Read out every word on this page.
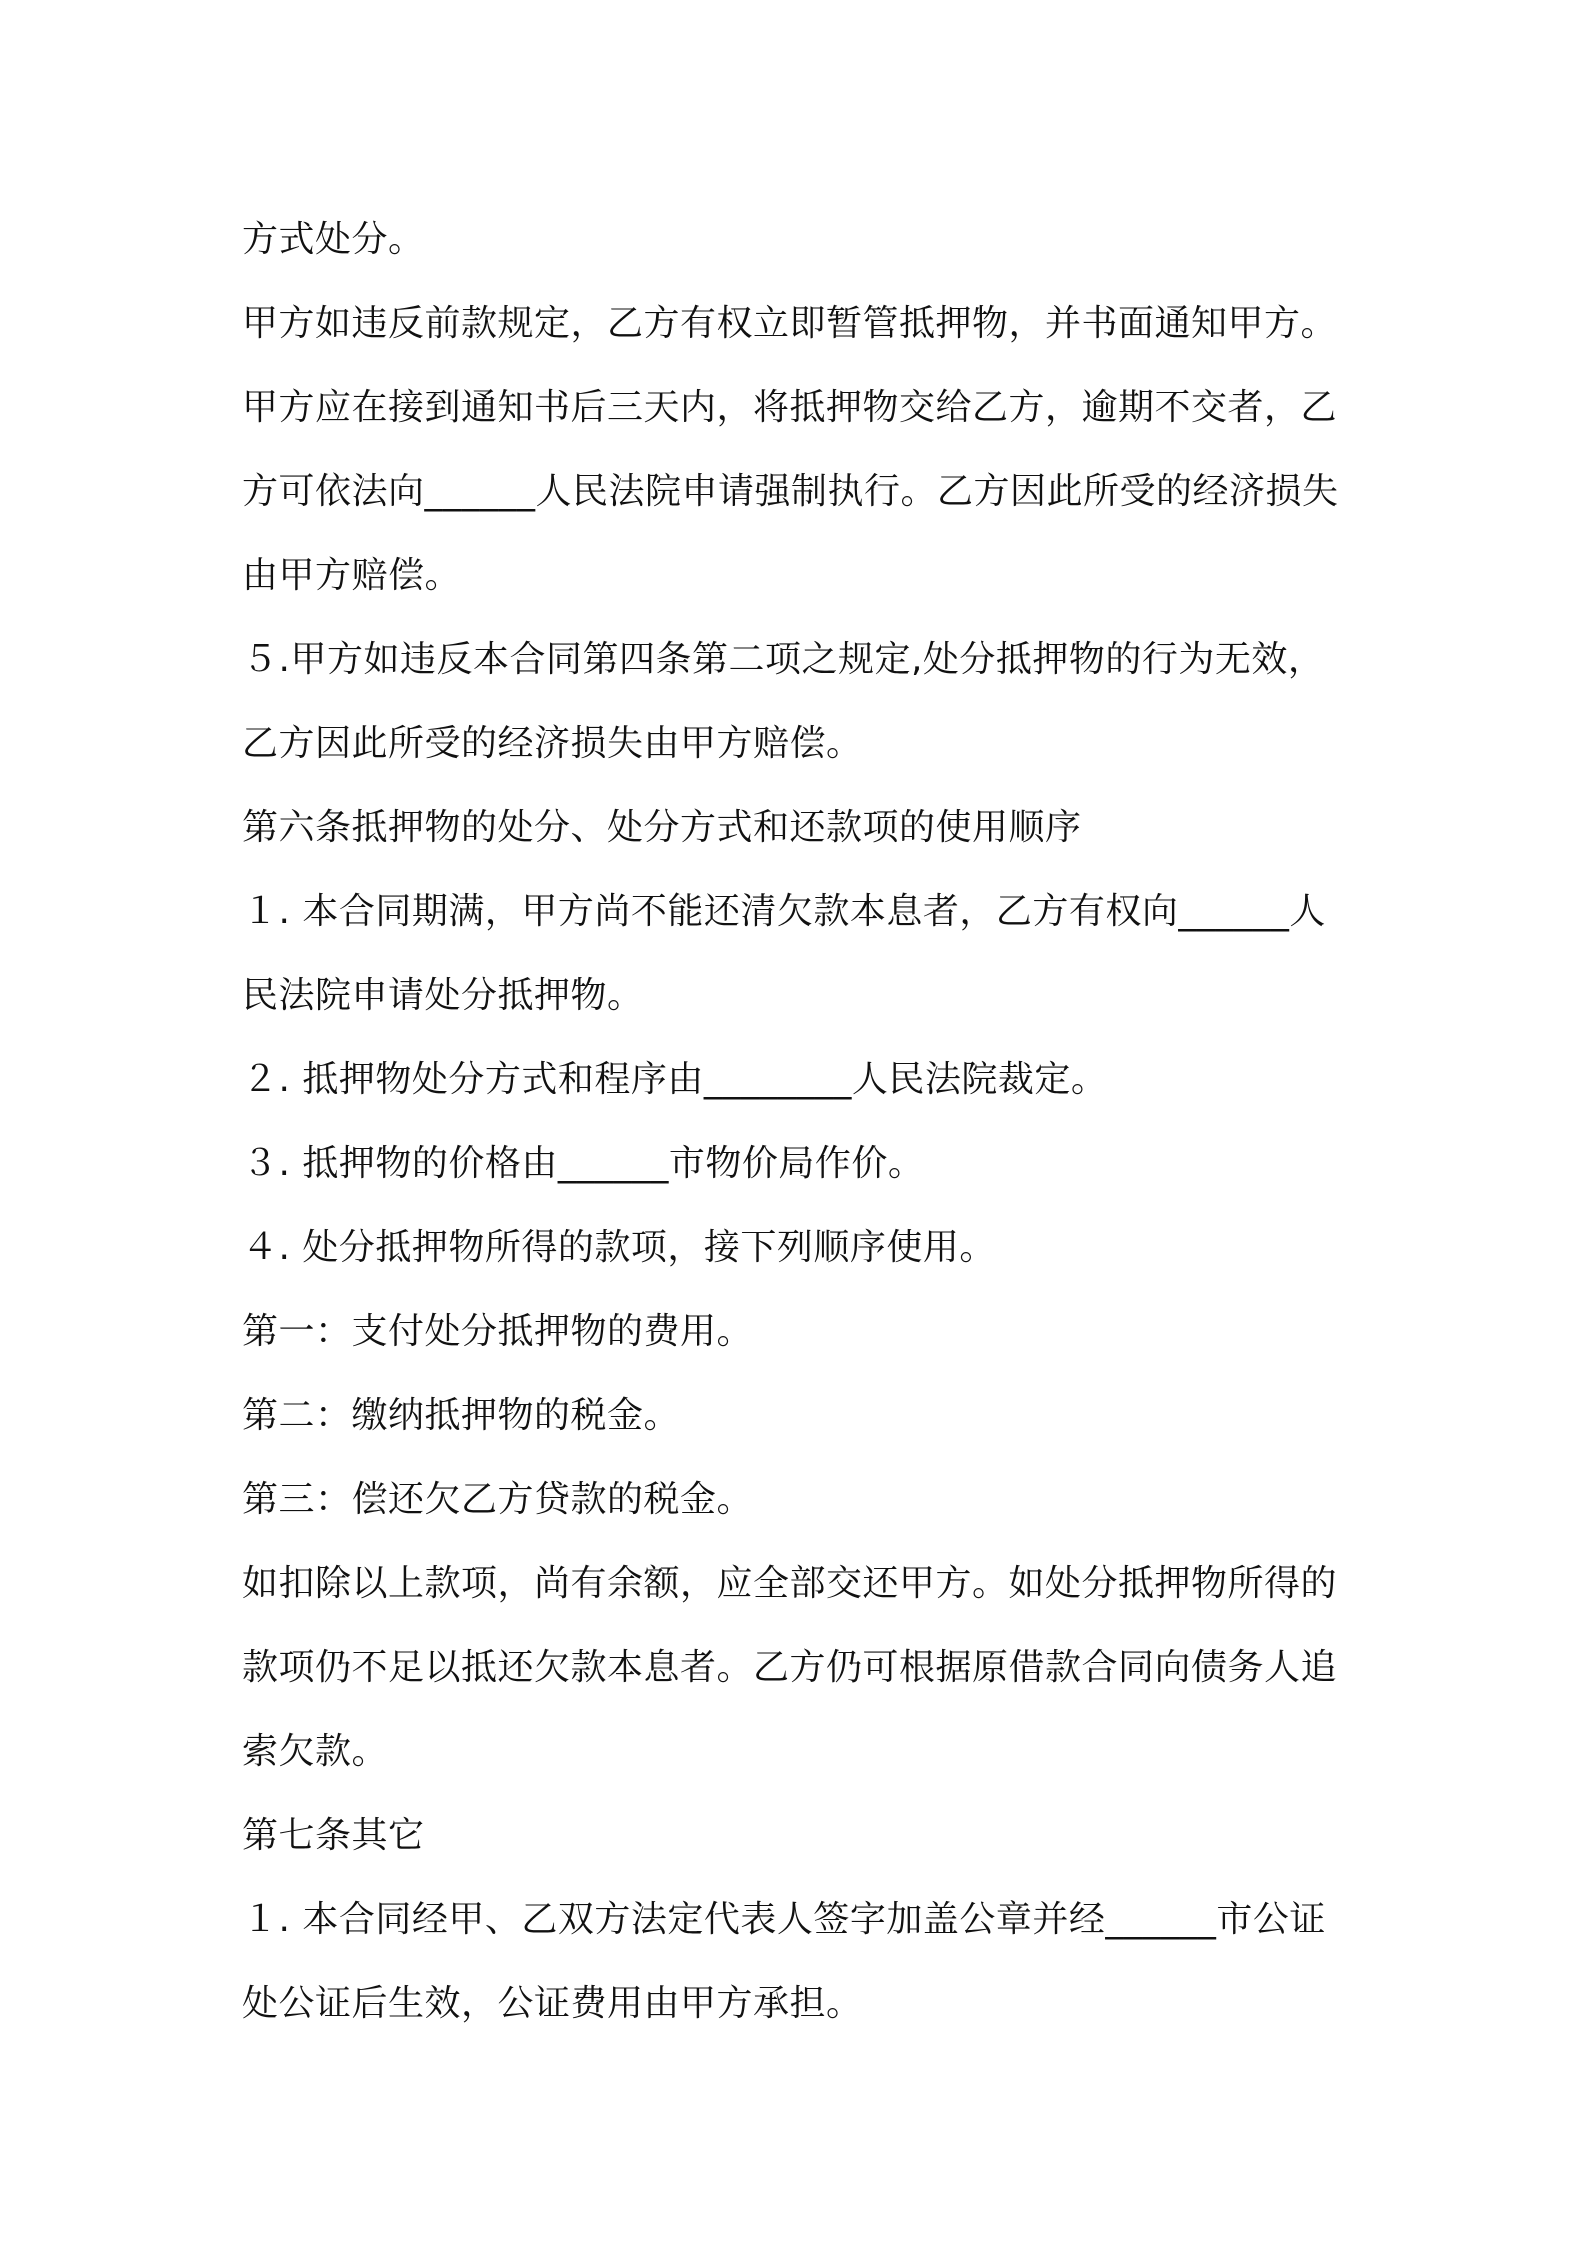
方式处分。
甲方如违反前款规定，乙方有权立即暂管抵押物，并书面通知甲方。
甲方应在接到通知书后三天内，将抵押物交给乙方，逾期不交者，乙
方可依法向______人民法院申请强制执行。乙方因此所受的经济损失
由甲方赔偿。
５.甲方如违反本合同第四条第二项之规定,处分抵押物的行为无效，
乙方因此所受的经济损失由甲方赔偿。
第六条抵押物的处分、处分方式和还款项的使用顺序
１. 本合同期满，甲方尚不能还清欠款本息者，乙方有权向______人
民法院申请处分抵押物。
２. 抵押物处分方式和程序由________人民法院裁定。
３. 抵押物的价格由______市物价局作价。
４. 处分抵押物所得的款项，接下列顺序使用。
第一：支付处分抵押物的费用。
第二：缴纳抵押物的税金。
第三：偿还欠乙方贷款的税金。
如扣除以上款项，尚有余额，应全部交还甲方。如处分抵押物所得的
款项仍不足以抵还欠款本息者。乙方仍可根据原借款合同向债务人追
索欠款。
第七条其它
１. 本合同经甲、乙双方法定代表人签字加盖公章并经______市公证
处公证后生效，公证费用由甲方承担。
